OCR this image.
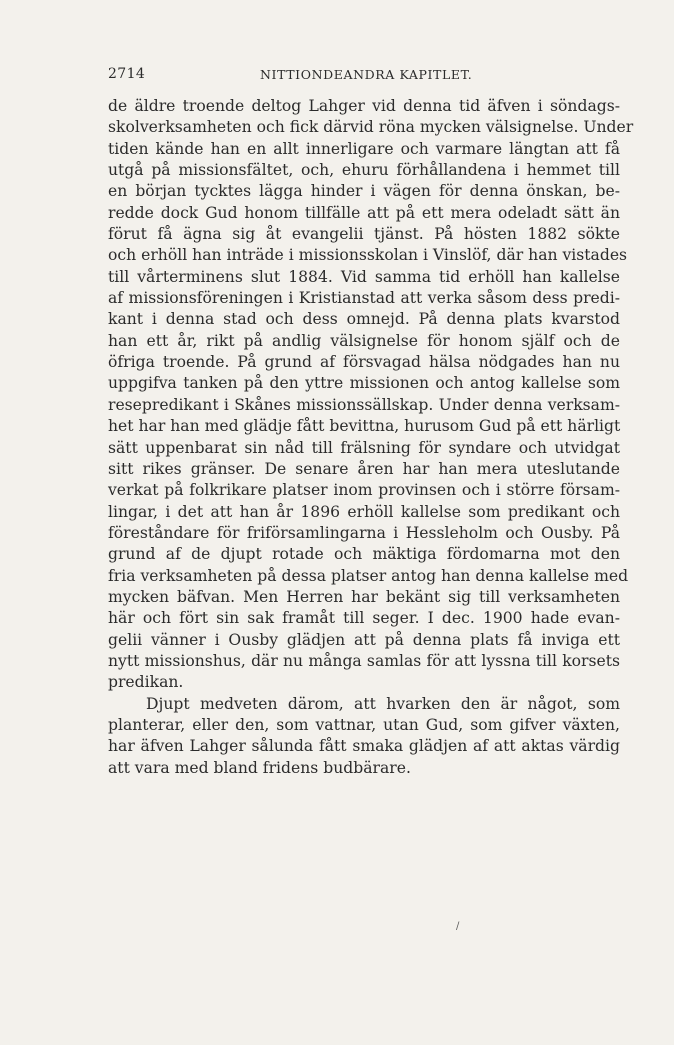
2714	NITTIONDEANDRA KAPITLET.
de äldre troende deltog Lahger vid denna tid äfven i söndags-
skolverksamheten och fick därvid röna mycken välsignelse. Under
tiden kände han en allt innerligare och varmare längtan att få
utgå på missionsfältet, och, ehuru förhållandena i hemmet till
en början tycktes lägga hinder i vägen för denna önskan, be-
redde dock Gud honom tillfälle att på ett mera odeladt sätt än
förut få ägna sig åt evangelii tjänst. På hösten 1882 sökte
och erhöll han inträde i missionsskolan i Vinslöf, där han vistades
till vårterminens slut 1884. Vid samma tid erhöll han kallelse
af missionsföreningen i Kristianstad att verka såsom dess predi-
kant i denna stad och dess omnejd. På denna plats kvarstod
han ett år, rikt på andlig välsignelse för honom själf och de
öfriga troende. På grund af försvagad hälsa nödgades han nu
uppgifva tanken på den yttre missionen och antog kallelse som
resepredikant i Skånes missionssällskap. Under denna verksam-
het har han med glädje fått bevittna, hurusom Gud på ett härligt
sätt uppenbarat sin nåd till frälsning för syndare och utvidgat
sitt rikes gränser. De senare åren har han mera uteslutande
verkat på folkrikare platser inom provinsen och i större försam-
lingar, i det att han år 1896 erhöll kallelse som predikant och
föreståndare för friförsamlingarna i Hessleholm och Ousby. På
grund af de djupt rotade och mäktiga fördomarna mot den
fria verksamheten på dessa platser antog han denna kallelse med
mycken bäfvan. Men Herren har bekänt sig till verksamheten
här och fört sin sak framåt till seger. I dec. 1900 hade evan-
gelii vänner i Ousby glädjen att på denna plats få inviga ett
nytt missionshus, där nu många samlas för att lyssna till korsets
predikan.
Djupt medveten därom, att hvarken den är något, som
planterar, eller den, som vattnar, utan Gud, som gifver växten,
har äfven Lahger sålunda fått smaka glädjen af att aktas värdig
att vara med bland fridens budbärare.
/
